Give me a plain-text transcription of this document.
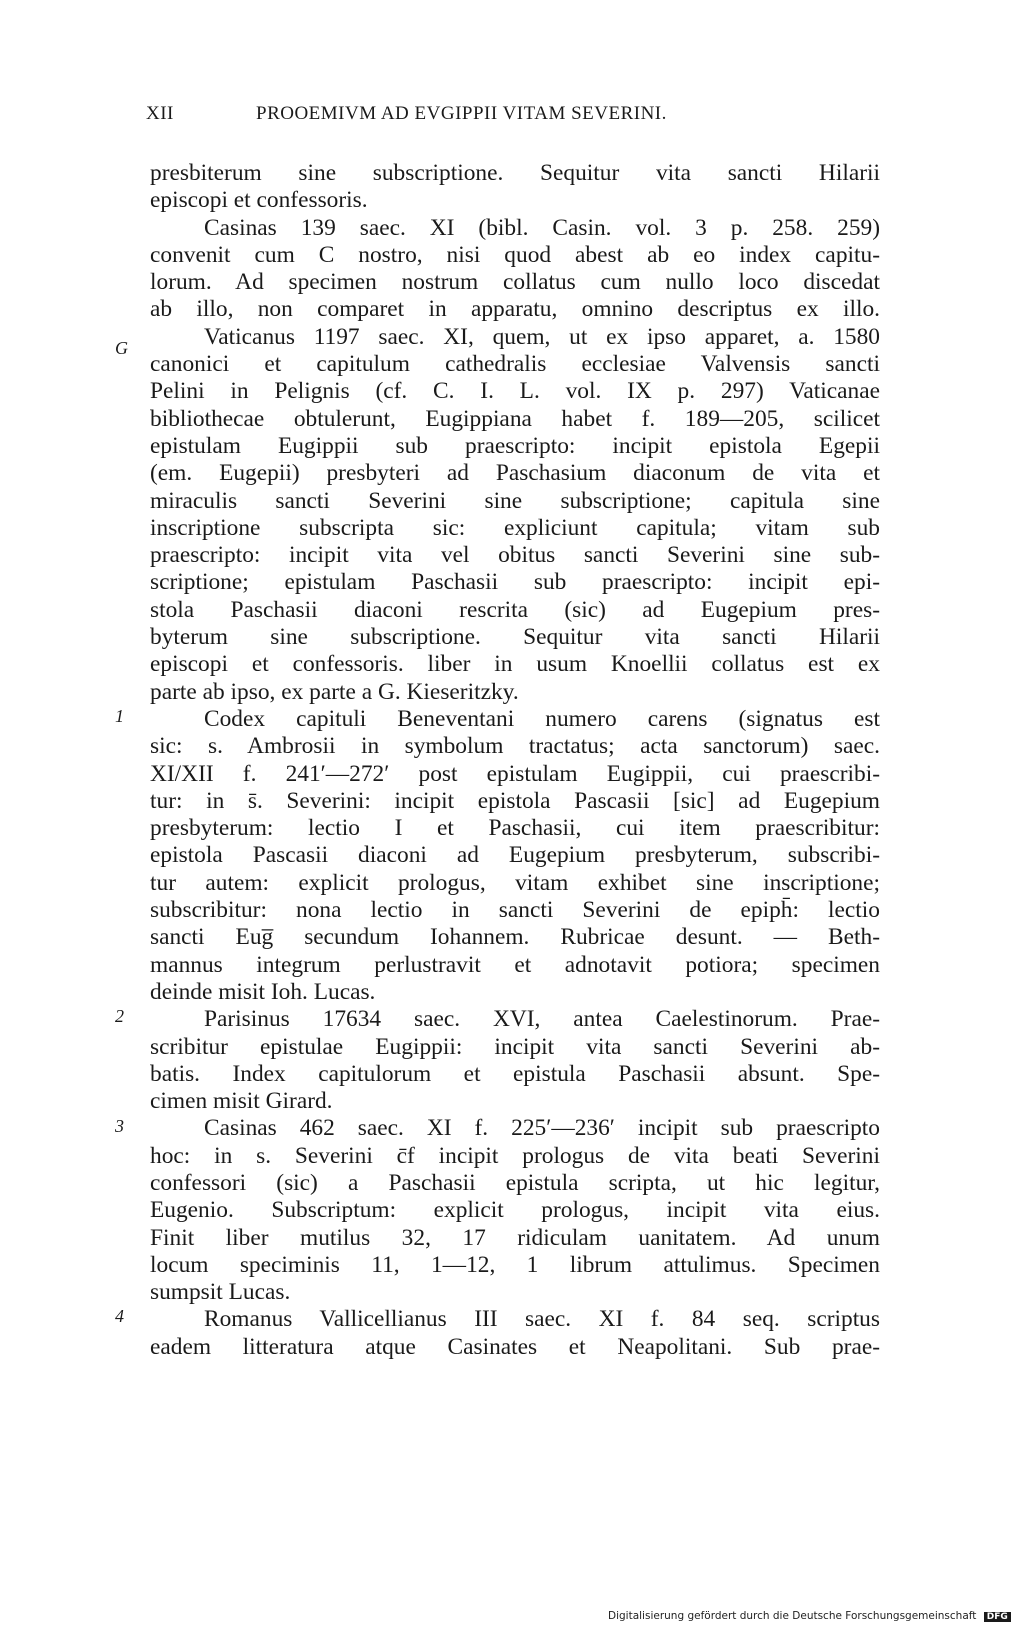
XII	PROOEMIVM AD EVGIPPII VITAM SEVERINI.
G
1
2
3
4
presbiterum sine subscriptione. Sequitur vita sancti Hilarii
episcopi et confessoris.
Casinas 139 saec. XI (bibl. Casin. vol. 3 p. 258. 259)
convenit cum C nostro, nisi quod abest ab eo index capitu-
lorum. Ad specimen nostrum collatus cum nullo loco discedat
ab illo, non comparet in apparatu, omnino descriptus ex illo.
Vaticanus 1197 saec. XI, quem, ut ex ipso apparet, a. 1580
canonici et capitulum cathedralis ecclesiae Valvensis sancti
Pelini in Pelignis (cf. C. I. L. vol. IX p. 297) Vaticanae
bibliothecae obtulerunt, Eugippiana habet f. 189—205, scilicet
epistulam Eugippii sub praescripto: incipit epistola Egepii
(em. Eugepii) presbyteri ad Paschasium diaconum de vita et
miraculis sancti Severini sine subscriptione; capitula sine
inscriptione subscripta sic: expliciunt capitula; vitam sub
praescripto: incipit vita vel obitus sancti Severini sine sub-
scriptione; epistulam Paschasii sub praescripto: incipit epi-
stola Paschasii diaconi rescrita (sic) ad Eugepium pres-
byterum sine subscriptione. Sequitur vita sancti Hilarii
episcopi et confessoris. liber in usum Knoellii collatus est ex
parte ab ipso, ex parte a G. Kieseritzky.
Codex capituli Beneventani numero carens (signatus est
sic: s. Ambrosii in symbolum tractatus; acta sanctorum) saec.
XI/XII f. 241′—272′ post epistulam Eugippii, cui praescribi-
tur: in s̄. Severini: incipit epistola Pascasii [sic] ad Eugepium
presbyterum: lectio I et Paschasii, cui item praescribitur:
epistola Pascasii diaconi ad Eugepium presbyterum, subscribi-
tur autem: explicit prologus, vitam exhibet sine inscriptione;
subscribitur: nona lectio in sancti Severini de epiph̄: lectio
sancti Eug̅ secundum Iohannem. Rubricae desunt. — Beth-
mannus integrum perlustravit et adnotavit potiora; specimen
deinde misit Ioh. Lucas.
Parisinus 17634 saec. XVI, antea Caelestinorum. Prae-
scribitur epistulae Eugippii: incipit vita sancti Severini ab-
batis. Index capitulorum et epistula Paschasii absunt. Spe-
cimen misit Girard.
Casinas 462 saec. XI f. 225′—236′ incipit sub praescripto
hoc: in s. Severini c̄f incipit prologus de vita beati Severini
confessori (sic) a Paschasii epistula scripta, ut hic legitur,
Eugenio. Subscriptum: explicit prologus, incipit vita eius.
Finit liber mutilus 32, 17 ridiculam uanitatem. Ad unum
locum speciminis 11, 1—12, 1 librum attulimus. Specimen
sumpsit Lucas.
Romanus Vallicellianus III saec. XI f. 84 seq. scriptus
eadem litteratura atque Casinates et Neapolitani. Sub prae-
Digitalisierung gefördert durch die Deutsche Forschungsgemeinschaft DFG
